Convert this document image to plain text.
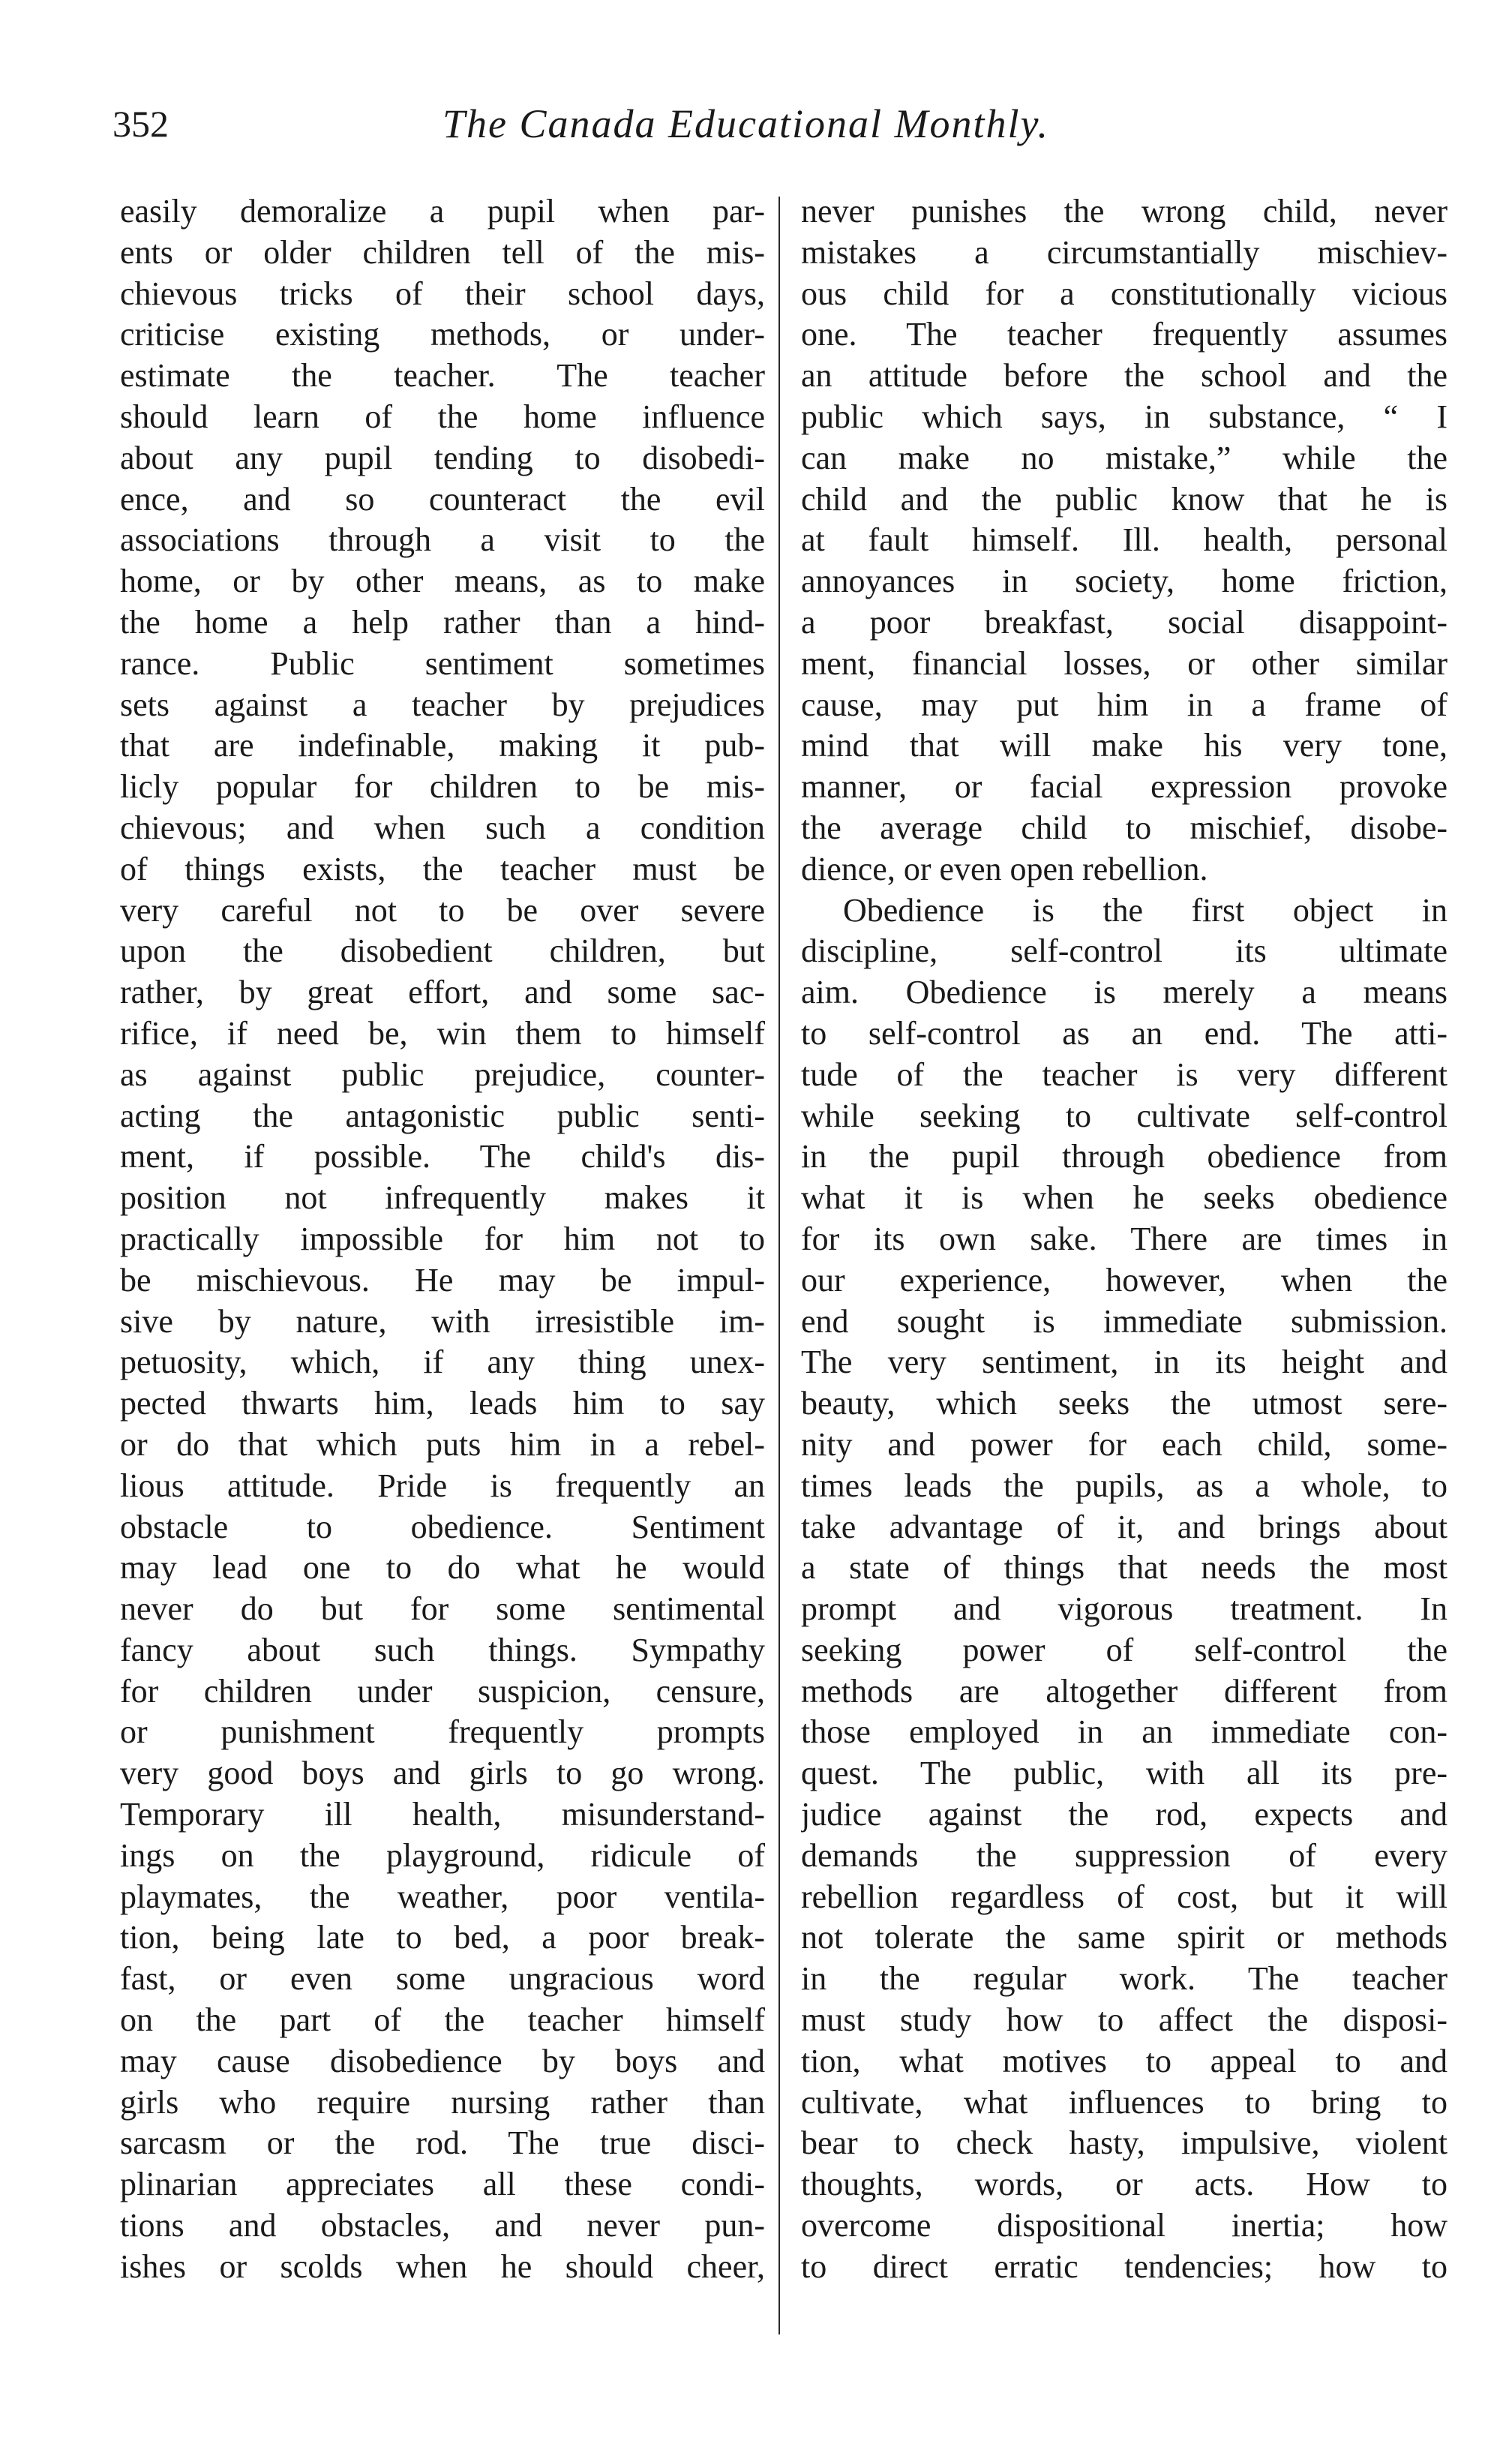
352	The Canada Educational Monthly.
easily demoralize a pupil when par-
ents or older children tell of the mis-
chievous tricks of their school days,
criticise existing methods, or under-
estimate the teacher. The teacher
should learn of the home influence
about any pupil tending to disobedi-
ence, and so counteract the evil
associations through a visit to the
home, or by other means, as to make
the home a help rather than a hind-
rance. Public sentiment sometimes
sets against a teacher by prejudices
that are indefinable, making it pub-
licly popular for children to be mis-
chievous; and when such a condition
of things exists, the teacher must be
very careful not to be over severe
upon the disobedient children, but
rather, by great effort, and some sac-
rifice, if need be, win them to himself
as against public prejudice, counter-
acting the antagonistic public senti-
ment, if possible. The child's dis-
position not infrequently makes it
practically impossible for him not to
be mischievous. He may be impul-
sive by nature, with irresistible im-
petuosity, which, if any thing unex-
pected thwarts him, leads him to say
or do that which puts him in a rebel-
lious attitude. Pride is frequently an
obstacle to obedience. Sentiment
may lead one to do what he would
never do but for some sentimental
fancy about such things. Sympathy
for children under suspicion, censure,
or punishment frequently prompts
very good boys and girls to go wrong.
Temporary ill health, misunderstand-
ings on the playground, ridicule of
playmates, the weather, poor ventila-
tion, being late to bed, a poor break-
fast, or even some ungracious word
on the part of the teacher himself
may cause disobedience by boys and
girls who require nursing rather than
sarcasm or the rod. The true disci-
plinarian appreciates all these condi-
tions and obstacles, and never pun-
ishes or scolds when he should cheer,
never punishes the wrong child, never
mistakes a circumstantially mischiev-
ous child for a constitutionally vicious
one. The teacher frequently assumes
an attitude before the school and the
public which says, in substance, “ I
can make no mistake,” while the
child and the public know that he is
at fault himself. Ill. health, personal
annoyances in society, home friction,
a poor breakfast, social disappoint-
ment, financial losses, or other similar
cause, may put him in a frame of
mind that will make his very tone,
manner, or facial expression provoke
the average child to mischief, disobe-
dience, or even open rebellion.
Obedience is the first object in
discipline, self-control its ultimate
aim. Obedience is merely a means
to self-control as an end. The atti-
tude of the teacher is very different
while seeking to cultivate self-control
in the pupil through obedience from
what it is when he seeks obedience
for its own sake. There are times in
our experience, however, when the
end sought is immediate submission.
The very sentiment, in its height and
beauty, which seeks the utmost sere-
nity and power for each child, some-
times leads the pupils, as a whole, to
take advantage of it, and brings about
a state of things that needs the most
prompt and vigorous treatment. In
seeking power of self-control the
methods are altogether different from
those employed in an immediate con-
quest. The public, with all its pre-
judice against the rod, expects and
demands the suppression of every
rebellion regardless of cost, but it will
not tolerate the same spirit or methods
in the regular work. The teacher
must study how to affect the disposi-
tion, what motives to appeal to and
cultivate, what influences to bring to
bear to check hasty, impulsive, violent
thoughts, words, or acts. How to
overcome dispositional inertia; how
to direct erratic tendencies; how to
